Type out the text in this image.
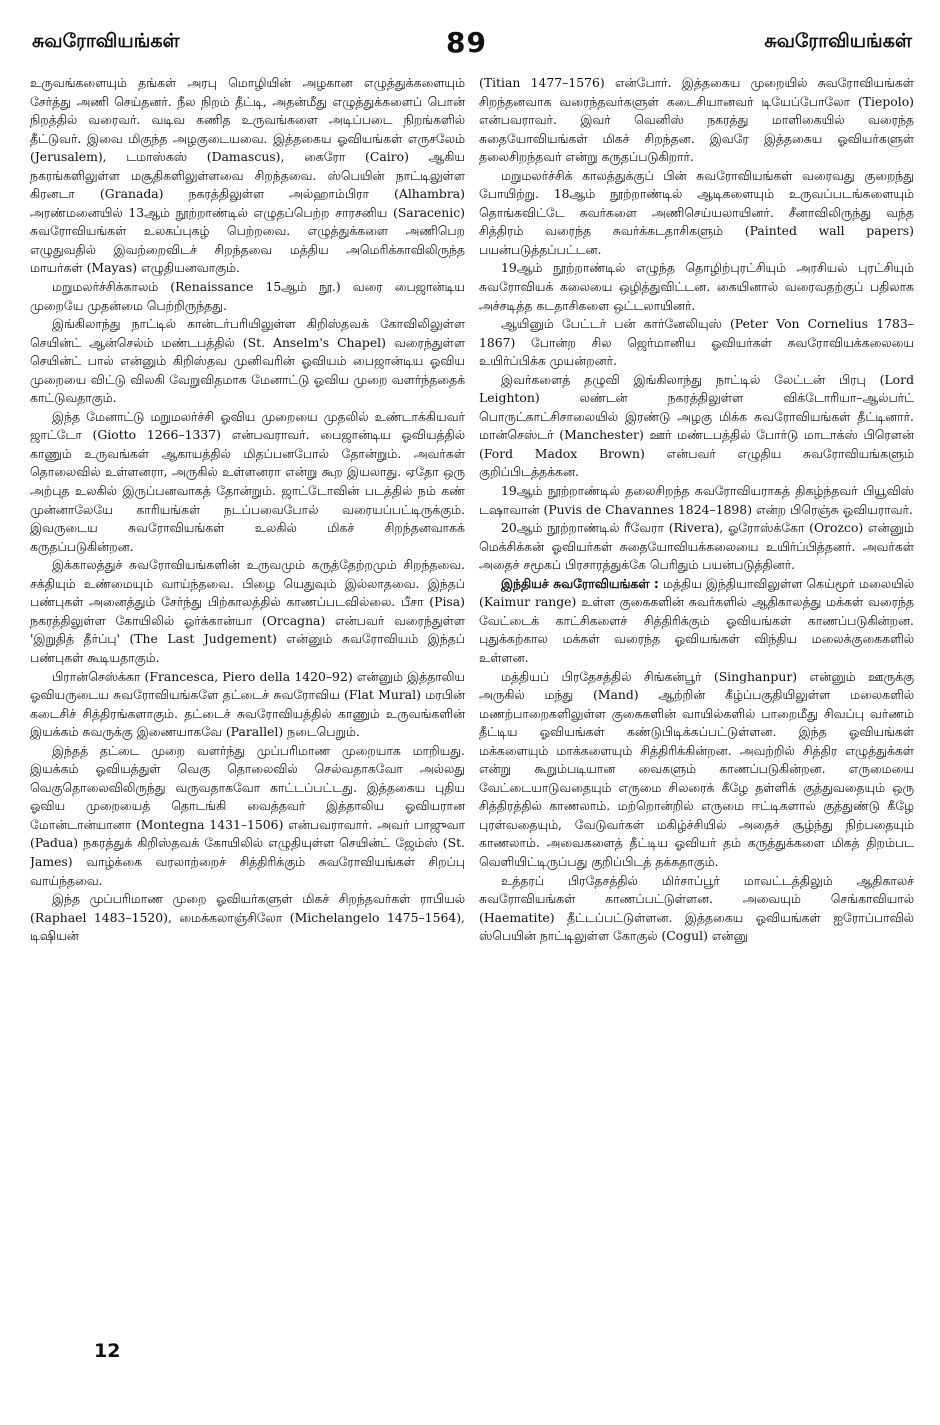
சுவரோவியங்கள்	89	சுவரோவியங்கள்

உருவங்களையும் தங்கள் அரபு மொழியின் அழகான எழுத்துக்களையும் சேர்த்து அணி செய்தனர். நீல நிறம் தீட்டி, அதன்மீது எழுத்துக்களைப் பொன் நிறத்தில் வரைவர். வடிவ கணித உருவங்களை அடிப்படை நிறங்களில் தீட்டுவர். இவை மிகுந்த அழகுடையவை. இத்தகைய ஓவியங்கள் எருசலேம் (Jerusalem), டமாஸ்கஸ் (Damascus), கைரோ (Cairo) ஆகிய நகரங்களிலுள்ள மசூதிகளிலுள்ளவை சிறந்தவை. ஸ்பெயின் நாட்டிலுள்ள கிரனடா (Granada) நகரத்திலுள்ள அல்ஹாம்பிரா (Alhambra) அரண்மனையில் 13ஆம் நூற்றாண்டில் எழுதப்பெற்ற சாரசனிய (Saracenic) சுவரோவியங்கள் உலகப்புகழ் பெற்றவை. எழுத்துக்களை அணிபெற எழுதுவதில் இவற்றைவிடச் சிறந்தவை மத்திய அமெரிக்காவிலிருந்த மாயர்கள் (Mayas) எழுதியனவாகும்.

மறுமலர்ச்சிக்காலம் (Renaissance 15ஆம் நூ.) வரை பைஜான்டிய முறையே முதன்மை பெற்றிருந்தது.

இங்கிலாந்து நாட்டில் கான்டர்பரியிலுள்ள கிறிஸ்தவக் கோவிலிலுள்ள செயின்ட் ஆன்செல்ம் மண்டபத்தில் (St. Anselm's Chapel) வரைந்துள்ள செயின்ட் பால் என்னும் கிறிஸ்தவ முனிவரின் ஓவியம் பைஜான்டிய ஓவிய முறையை விட்டு விலகி வேறுவிதமாக மேனாட்டு ஓவிய முறை வளர்ந்ததைக் காட்டுவதாகும்.

இந்த மேனாட்டு மறுமலர்ச்சி ஓவிய முறையை முதலில் உண்டாக்கியவர் ஜாட்டோ (Giotto 1266–1337) என்பவராவர். பைஜான்டிய ஓவியத்தில் காணும் உருவங்கள் ஆகாயத்தில் மிதப்பனபோல் தோன்றும். அவர்கள் தொலைவில் உள்ளனரா, அருகில் உள்ளனரா என்று கூற இயலாது. ஏதோ ஒரு அற்புத உலகில் இருப்பனவாகத் தோன்றும். ஜாட்டோவின் படத்தில் நம் கண் முன்னாலேயே காரியங்கள் நடப்பவைபோல் வரையப்பட்டிருக்கும். இவருடைய சுவரோவியங்கள் உலகில் மிகச் சிறந்தனவாகக் கருதப்படுகின்றன.

இக்காலத்துச் சுவரோவியங்களின் உருவமும் கருத்தேற்றமும் சிறந்தவை. சக்தியும் உண்மையும் வாய்ந்தவை. பிழை யெதுவும் இல்லாதவை. இந்தப் பண்புகள் அனைத்தும் சேர்ந்து பிற்காலத்தில் காணப்படவில்லை. பீசா (Pisa) நகரத்திலுள்ள கோயிலில் ஓர்க்கான்யா (Orcagna) என்பவர் வரைந்துள்ள 'இறுதித் தீர்ப்பு' (The Last Judgement) என்னும் சுவரோவியம் இந்தப் பண்புகள் கூடியதாகும்.

பிரான்செஸ்க்கா (Francesca, Piero della 1420–92) என்னும் இத்தாலிய ஓவியருடைய சுவரோவியங்களே தட்டைச் சுவரோவிய (Flat Mural) மரபின் கடைசிச் சித்திரங்களாகும். தட்டைச் சுவரோவியத்தில் காணும் உருவங்களின் இயக்கம் சுவருக்கு இணையாகவே (Parallel) நடைபெறும்.

இந்தத் தட்டை முறை வளர்ந்து முப்பரிமாண முறையாக மாறியது. இயக்கம் ஓவியத்துள் வெகு தொலைவில் செல்வதாகவோ அல்லது வெகுதொலைவிலிருந்து வருவதாகவோ காட்டப்பட்டது. இத்தகைய புதிய ஓவிய முறையைத் தொடங்கி வைத்தவர் இத்தாலிய ஓவியரான மோன்டான்யானா (Montegna 1431–1506) என்பவராவார். அவர் பாஜுவா (Padua) நகரத்துக் கிறிஸ்தவக் கோயிலில் எழுதியுள்ள செயின்ட் ஜேம்ஸ் (St. James) வாழ்க்கை வரலாற்றைச் சித்திரிக்கும் சுவரோவியங்கள் சிறப்பு வாய்ந்தவை.

இந்த முப்பரிமாண முறை ஓவியர்களுள் மிகச் சிறந்தவர்கள் ராபியல் (Raphael 1483–1520), மைக்கலாஞ்சிலோ (Michelangelo 1475–1564), டிஷியன்

(Titian 1477–1576) என்போர். இத்தகைய முறையில் சுவரோவியங்கள் சிறந்தனவாக வரைந்தவர்களுள் கடைசியானவர் டியேப்போலோ (Tiepolo) என்பவராவர். இவர் வெனிஸ் நகரத்து மாளிகையில் வரைந்த சுதையோவியங்கள் மிகச் சிறந்தன. இவரே இத்தகைய ஓவியர்களுள் தலைசிறந்தவர் என்று கருதப்படுகிறார்.

மறுமலர்ச்சிக் காலத்துக்குப் பின் சுவரோவியங்கள் வரைவது குறைந்து போயிற்று. 18ஆம் நூற்றாண்டில் ஆடிகளையும் உருவப்படங்களையும் தொங்கவிட்டே சுவர்களை அணிசெய்யலாயினர். சீனாவிலிருந்து வந்த சித்திரம் வரைந்த சுவர்க்கடதாசிகளும் (Painted wall papers) பயன்படுத்தப்பட்டன.

19ஆம் நூற்றாண்டில் எழுந்த தொழிற்புரட்சியும் அரசியல் புரட்சியும் சுவரோவியக் கலையை ஒழித்துவிட்டன. கையினால் வரைவதற்குப் பதிலாக அச்சடித்த கடதாசிகளை ஒட்டலாயினர்.

ஆயினும் பேட்டர் பன் கார்னேலியுஸ் (Peter Von Cornelius 1783–1867) போன்ற சில ஜெர்மானிய ஓவியர்கள் சுவரோவியக்கலையை உயிர்ப்பிக்க முயன்றனர்.

இவர்களைத் தழுவி இங்கிலாந்து நாட்டில் லேட்டன் பிரபு (Lord Leighton) லண்டன் நகரத்திலுள்ள விக்டோரியா–ஆல்பர்ட் பொருட்காட்சிசாலையில் இரண்டு அழகு மிக்க சுவரோவியங்கள் தீட்டினார். மான்செஸ்டர் (Manchester) ஊர் மண்டபத்தில் போர்டு மாடாக்ஸ் பிரௌன் (Ford Madox Brown) என்பவர் எழுதிய சுவரோவியங்களும் குறிப்பிடத்தக்கன.

19ஆம் நூற்றாண்டில் தலைசிறந்த சுவரோவியராகத் திகழ்ந்தவர் பியூவிஸ் டஷாவான் (Puvis de Chavannes 1824–1898) என்ற பிரெஞ்சு ஓவியராவர்.

20ஆம் நூற்றாண்டில் ரீவேரா (Rivera), ஓரோஸ்க்கோ (Orozco) என்னும் மெக்சிக்கன் ஓவியர்கள் சுதையோவியக்கலையை உயிர்ப்பித்தனர். அவர்கள் அதைச் சமூகப் பிரசாரத்துக்கே பெரிதும் பயன்படுத்தினர்.

இந்தியச் சுவரோவியங்கள் : மத்திய இந்தியாவிலுள்ள கெய்மூர் மலையில் (Kaimur range) உள்ள குகைகளின் சுவர்களில் ஆதிகாலத்து மக்கள் வரைந்த வேட்டைக் காட்சிகளைச் சித்திரிக்கும் ஓவியங்கள் காணப்படுகின்றன. புதுக்கற்கால மக்கள் வரைந்த ஓவியங்கள் விந்திய மலைக்குகைகளில் உள்ளன.

மத்தியப் பிரதேசத்தில் சிங்கன்பூர் (Singhanpur) என்னும் ஊருக்கு அருகில் மந்து (Mand) ஆற்றின் கீழ்ப்பகுதியிலுள்ள மலைகளில் மணற்பாறைகளிலுள்ள குகைகளின் வாயில்களில் பாறைமீது சிவப்பு வர்ணம் தீட்டிய ஓவியங்கள் கண்டுபிடிக்கப்பட்டுள்ளன. இந்த ஓவியங்கள் மக்களையும் மாக்களையும் சித்திரிக்கின்றன. அவற்றில் சித்திர எழுத்துக்கள் என்று கூறும்படியான வைகளும் காணப்படுகின்றன. எருமையை வேட்டையாடுவதையும் எருமை சிலரைக் கீழே தள்ளிக் குத்துவதையும் ஒரு சித்திரத்தில் காணலாம். மற்றொன்றில் எருமை ஈட்டிகளால் குத்துண்டு கீழே புரள்வதையும், வேடுவர்கள் மகிழ்ச்சியில் அதைச் சூழ்ந்து நிற்பதையும் காணலாம். அவைகளைத் தீட்டிய ஓவியர் தம் கருத்துக்களை மிகத் திறம்பட வெளியிட்டிருப்பது குறிப்பிடத் தக்கதாகும்.

உத்தரப் பிரதேசத்தில் மிர்சாப்பூர் மாவட்டத்திலும் ஆதிகாலச் சுவரோவியங்கள் காணப்பட்டுள்ளன. அவையும் செங்காவியால் (Haematite) தீட்டப்பட்டுள்ளன. இத்தகைய ஓவியங்கள் ஐரோப்பாவில் ஸ்பெயின் நாட்டிலுள்ள கோகுல் (Cogul) என்னு

12
